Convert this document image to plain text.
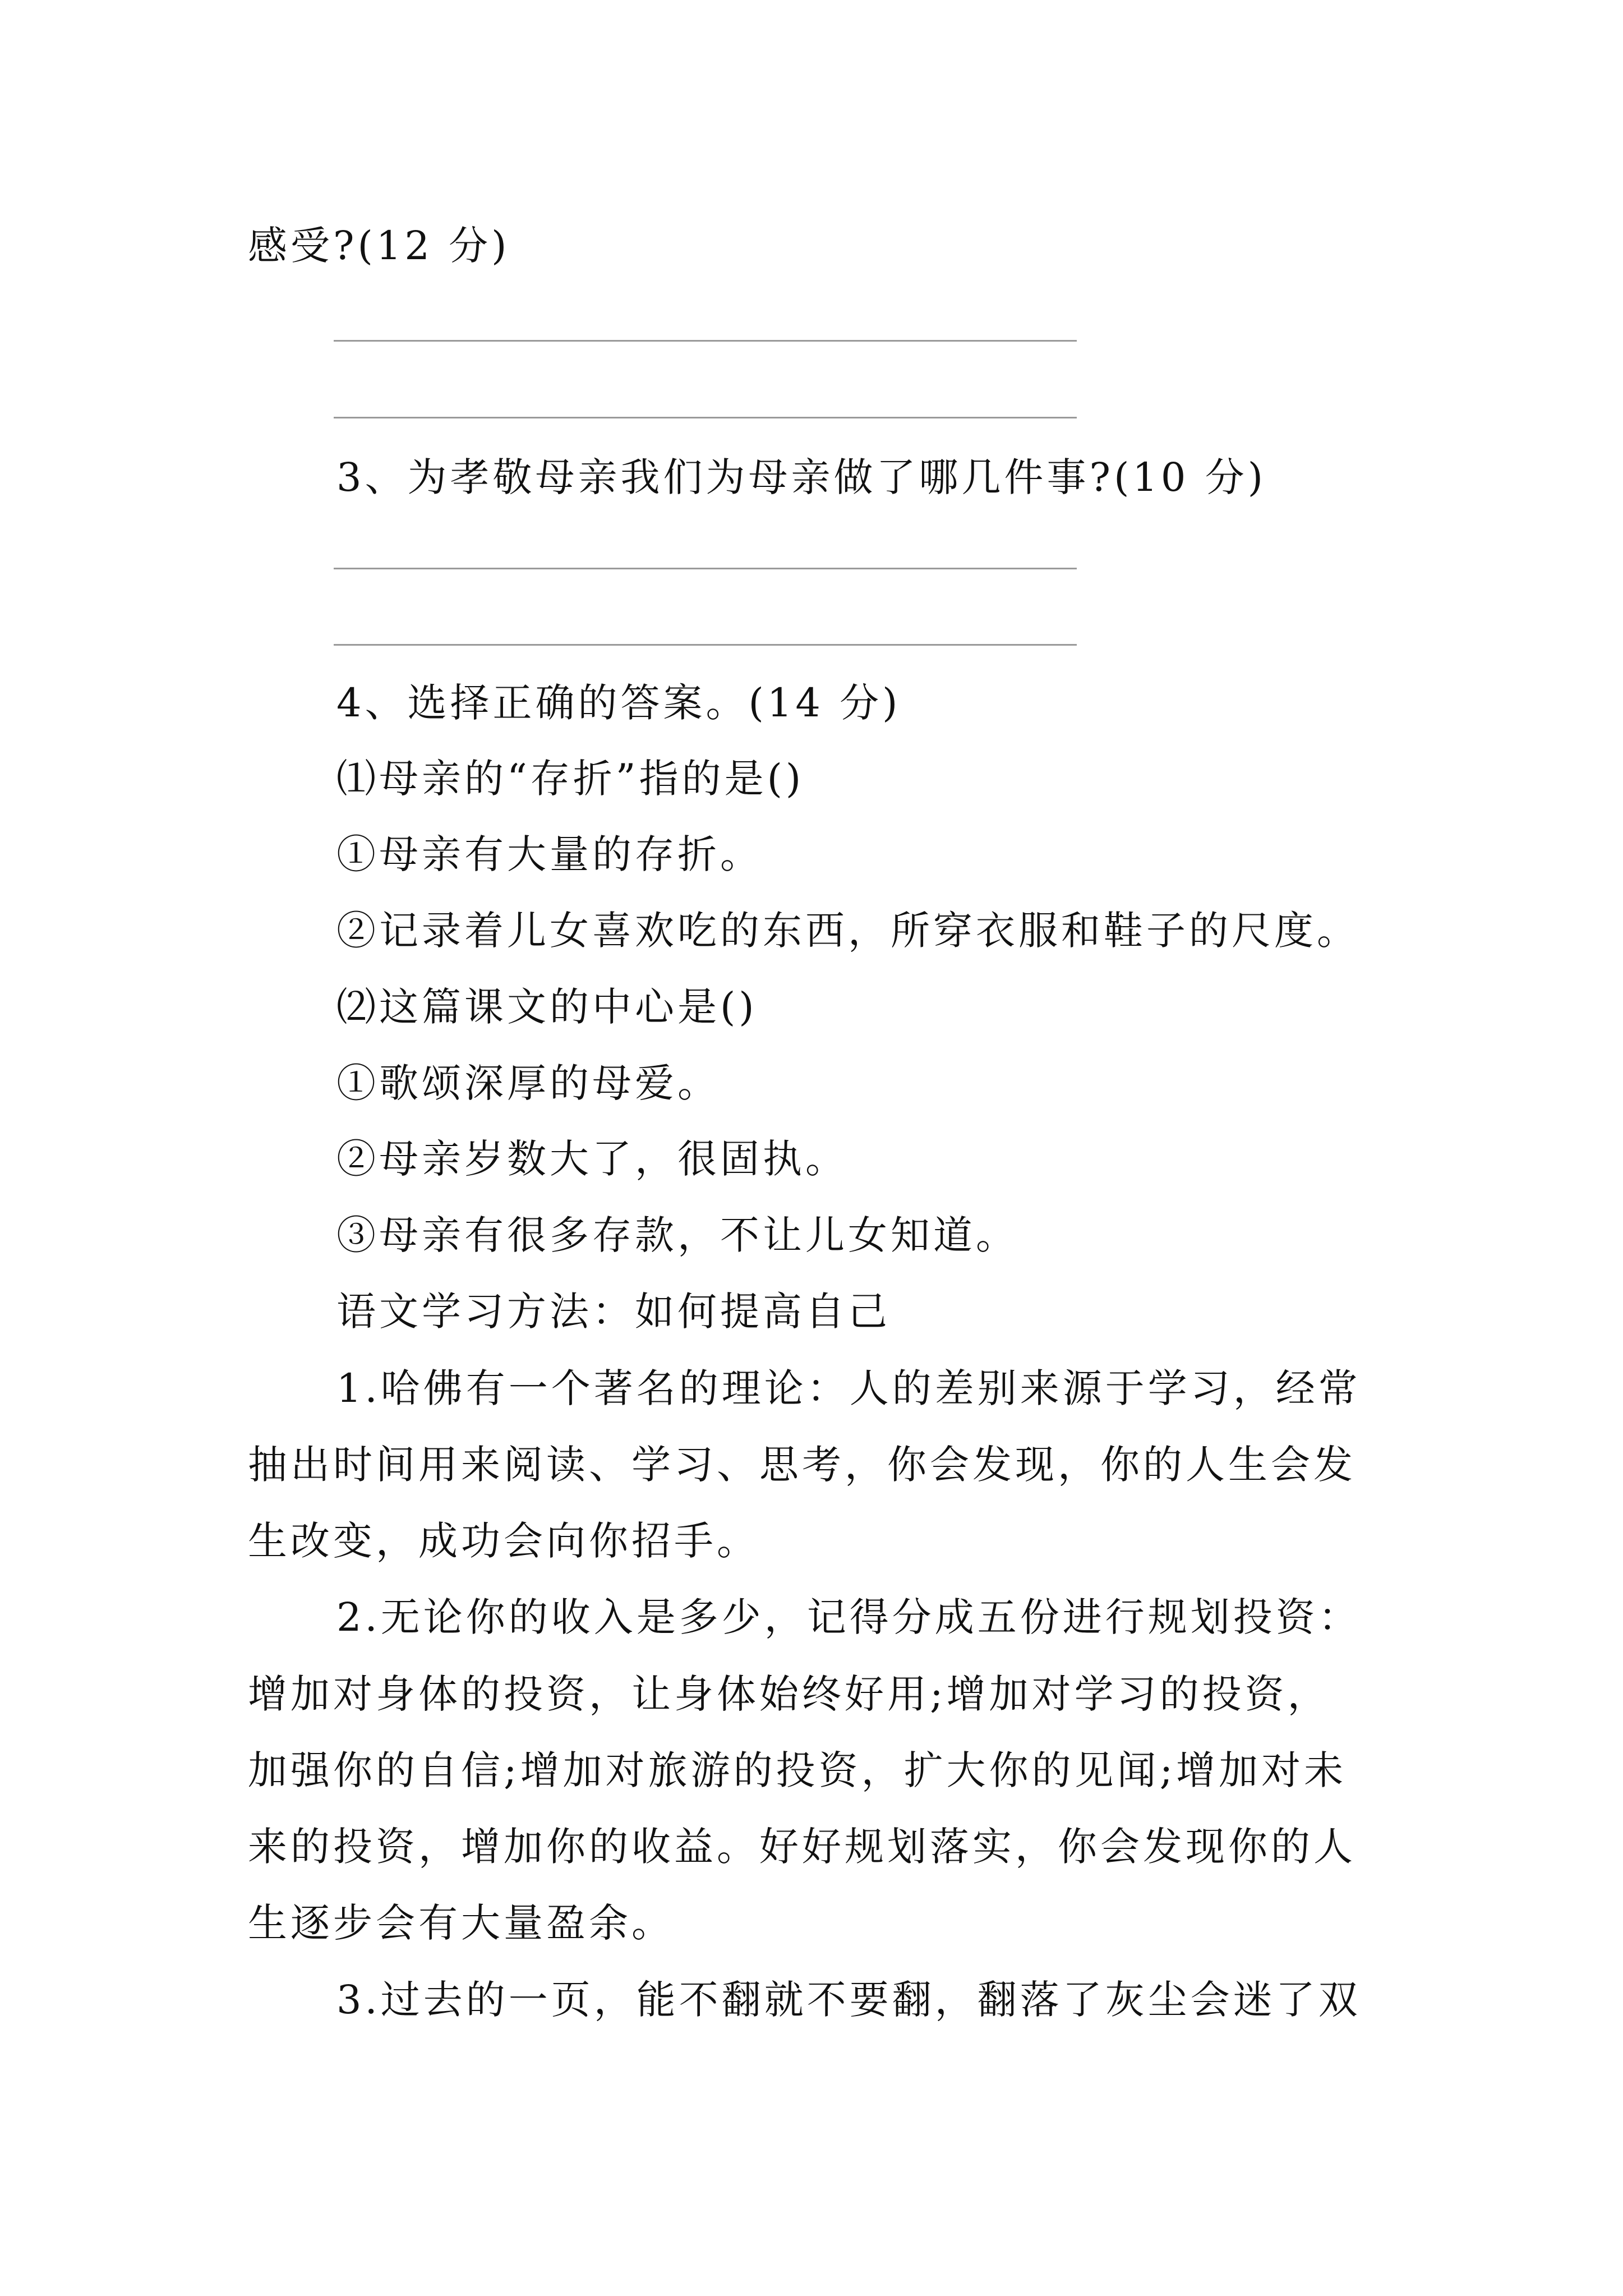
感受?(12 分)
3、为孝敬母亲我们为母亲做了哪几件事?(10 分)
4、选择正确的答案。(14 分)
⑴母亲的“存折”指的是()
①母亲有大量的存折。
②记录着儿女喜欢吃的东西，所穿衣服和鞋子的尺度。
⑵这篇课文的中心是()
①歌颂深厚的母爱。
②母亲岁数大了，很固执。
③母亲有很多存款，不让儿女知道。
语文学习方法：如何提高自己
1.哈佛有一个著名的理论：人的差别来源于学习，经常
抽出时间用来阅读、学习、思考，你会发现，你的人生会发
生改变，成功会向你招手。
2.无论你的收入是多少，记得分成五份进行规划投资：
增加对身体的投资，让身体始终好用;增加对学习的投资，
加强你的自信;增加对旅游的投资，扩大你的见闻;增加对未
来的投资，增加你的收益。好好规划落实，你会发现你的人
生逐步会有大量盈余。
3.过去的一页，能不翻就不要翻，翻落了灰尘会迷了双
